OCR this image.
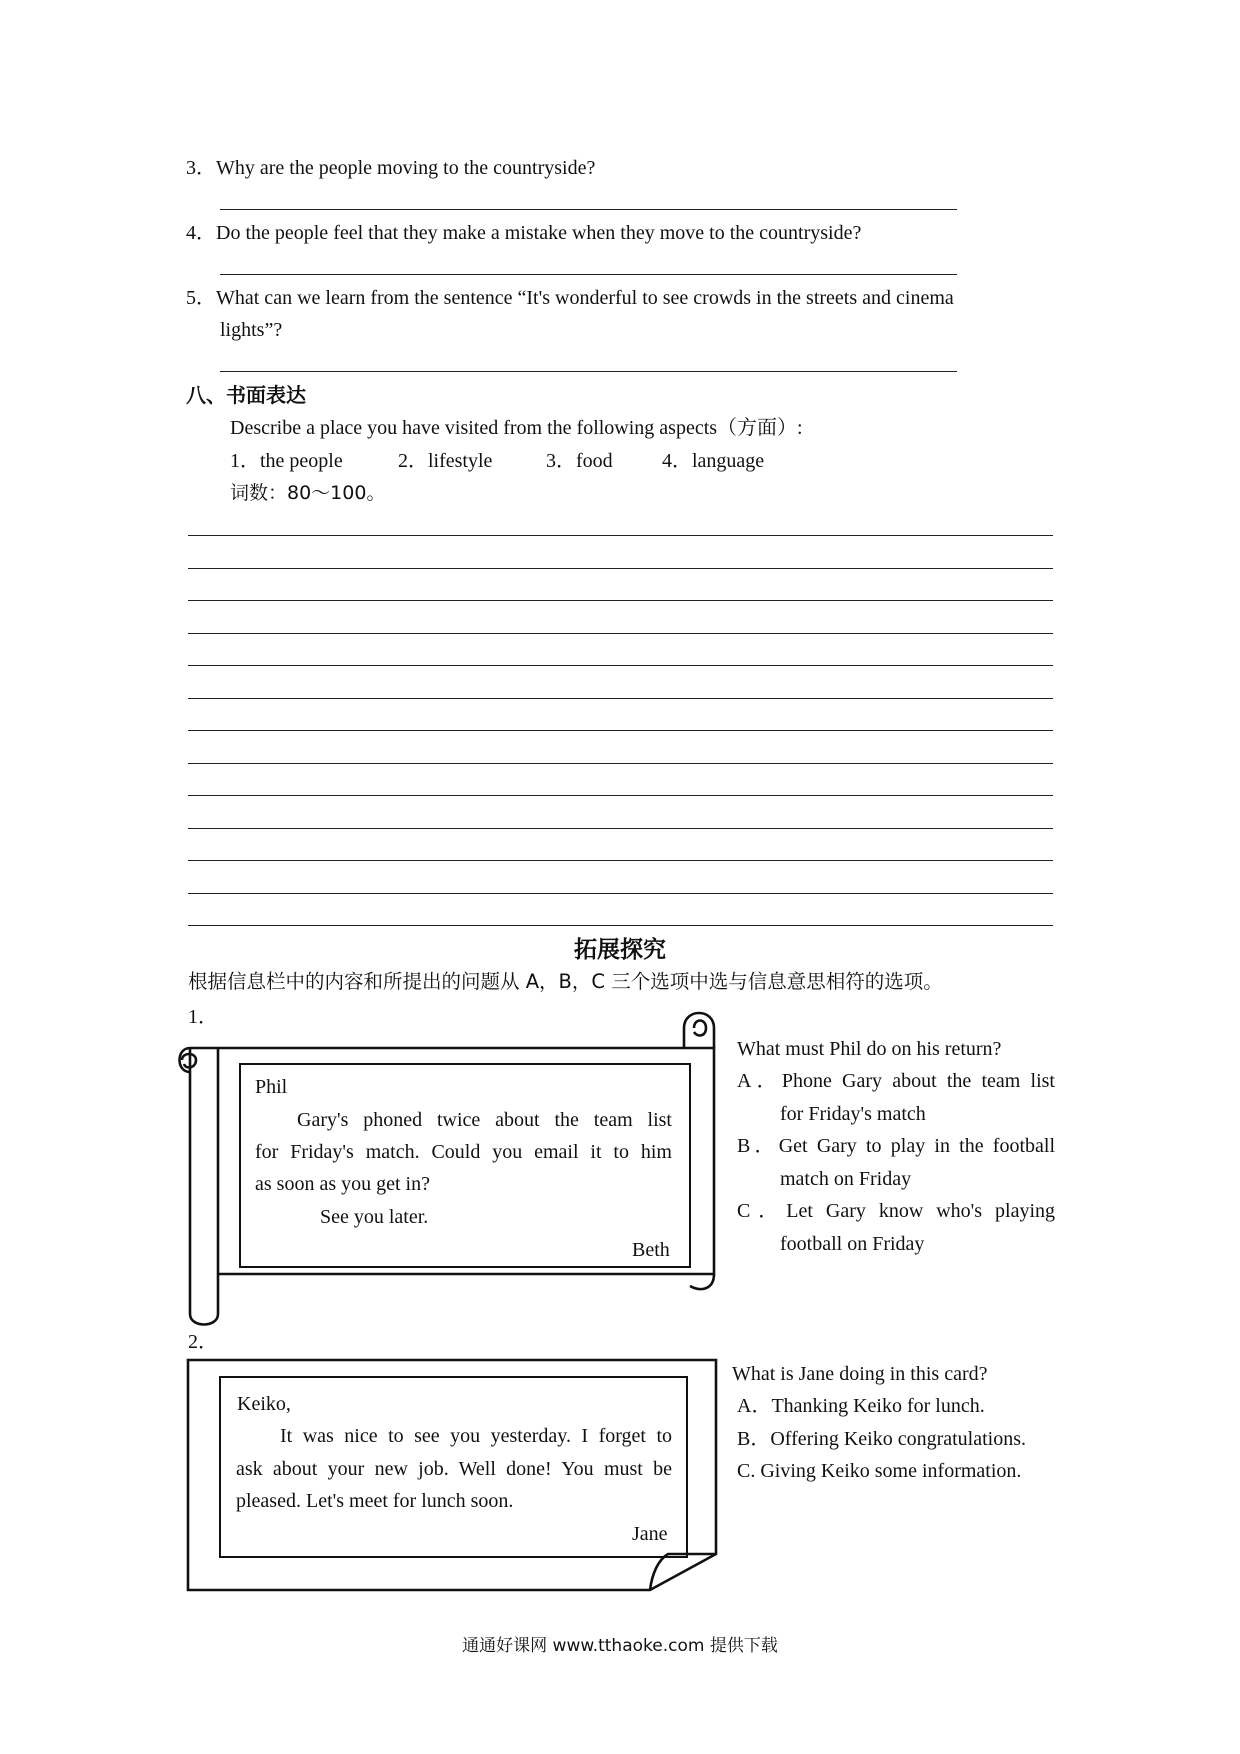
3．Why are the people moving to the countryside?
4．Do the people feel that they make a mistake when they move to the countryside?
5．What can we learn from the sentence “It's wonderful to see crowds in the streets and cinema
lights”?
八、书面表达
Describe a place you have visited from the following aspects（方面）:
1．the people	2．lifestyle	3．food 4．language
词数：80～100。
拓展探究
根据信息栏中的内容和所提出的问题从 A，B，C 三个选项中选与信息意思相符的选项。
1．
Phil
Gary's phoned twice about the team list
for Friday's match. Could you email it to him
as soon as you get in?
See you later.
Beth
What must Phil do on his return?
A．Phone Gary about the team list
for Friday's match
B．Get Gary to play in the football
match on Friday
C．Let Gary know who's playing
football on Friday
2．
Keiko,
It was nice to see you yesterday. I forget to
ask about your new job. Well done! You must be
pleased. Let's meet for lunch soon.
Jane
What is Jane doing in this card?
A．Thanking Keiko for lunch.
B．Offering Keiko congratulations.
C. Giving Keiko some information.
通通好课网 www.tthaoke.com 提供下载
